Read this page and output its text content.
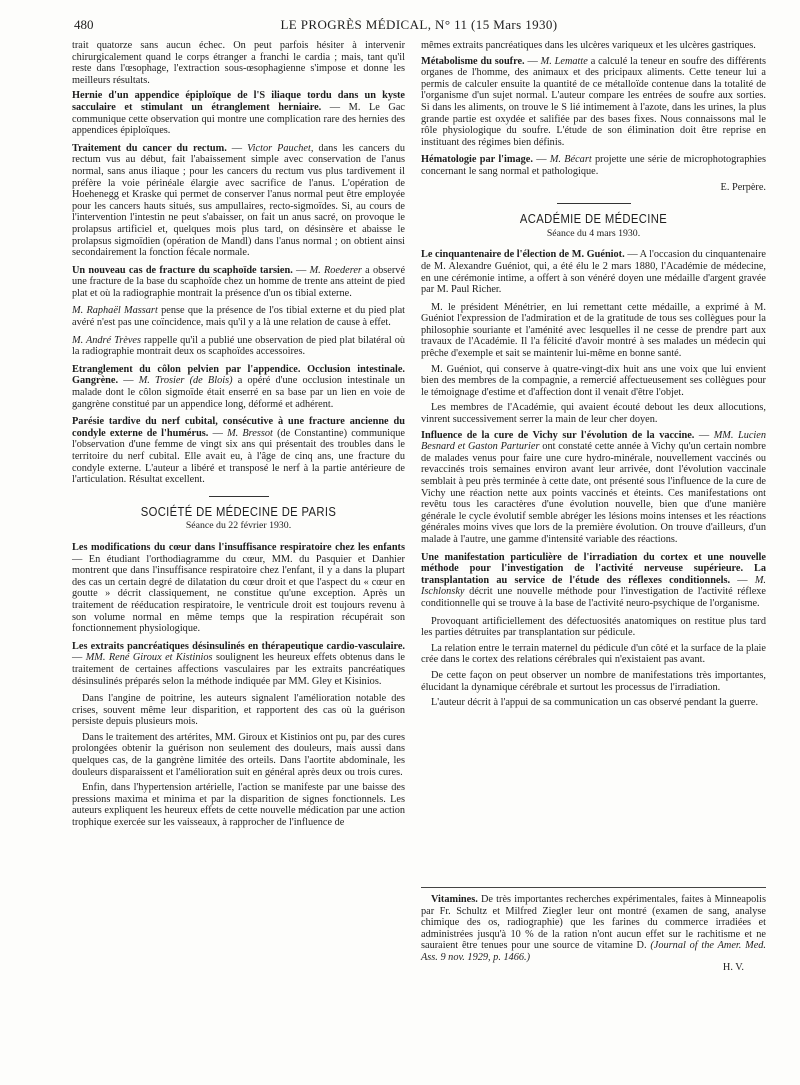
480	LE PROGRÈS MÉDICAL, N° 11 (15 Mars 1930)

trait quatorze sans aucun échec. On peut parfois hésiter à intervenir chirurgicalement quand le corps étranger a franchi le cardia ; mais, tant qu'il reste dans l'œsophage, l'extraction sous-œsophagienne s'impose et donne les meilleurs résultats.

Hernie d'un appendice épiploïque de l'S iliaque tordu dans un kyste sacculaire et stimulant un étranglement herniaire. — M. Le Gac communique cette observation qui montre une complication rare des hernies des appendices épiploïques.
Traitement du cancer du rectum. — Victor Pauchet, dans les cancers du rectum vus au début, fait l'abaissement simple avec conservation de l'anus normal, sans anus iliaque ; pour les cancers du rectum vus plus tardivement il préfère la voie périnéale élargie avec sacrifice de l'anus. L'opération de Hoehenegg et Kraske qui permet de conserver l'anus normal peut être employée pour les cancers hauts situés, sus ampullaires, recto-sigmoïdes. Si, au cours de l'intervention l'intestin ne peut s'abaisser, on fait un anus sacré, on provoque le prolapsus artificiel et, quelques mois plus tard, on désinsère et abaisse le prolapsus sigmoïdien (opération de Mandl) dans l'anus normal ; on obtient ainsi secondairement la fonction fécale normale.
Un nouveau cas de fracture du scaphoïde tarsien. — M. Roederer a observé une fracture de la base du scaphoïde chez un homme de trente ans atteint de pied plat et où la radiographie montrait la présence d'un os tibial externe.
M. Raphaël Massart pense que la présence de l'os tibial externe et du pied plat avéré n'est pas une coïncidence, mais qu'il y a là une relation de cause à effet.
M. André Trèves rappelle qu'il a publié une observation de pied plat bilatéral où la radiographie montrait deux os scaphoïdes accessoires.
Etranglement du côlon pelvien par l'appendice. Occlusion intestinale. Gangrène. — M. Trosier (de Blois) a opéré d'une occlusion intestinale un malade dont le côlon sigmoïde était enserré en sa base par un lien en voie de gangrène constitué par un appendice long, déformé et adhérent.
Parésie tardive du nerf cubital, consécutive à une fracture ancienne du condyle externe de l'humérus. — M. Bressot (de Constantine) communique l'observation d'une femme de vingt six ans qui présentait des troubles dans le territoire du nerf cubital. Elle avait eu, à l'âge de cinq ans, une fracture du condyle externe. L'auteur a libéré et transposé le nerf à la partie antérieure de l'articulation. Résultat excellent.
SOCIÉTÉ DE MÉDECINE DE PARIS
Séance du 22 février 1930.
Les modifications du cœur dans l'insuffisance respiratoire chez les enfants — En étudiant l'orthodiagramme du cœur, MM. du Pasquier et Danhier montrent que dans l'insuffisance respiratoire chez l'enfant, il y a dans la plupart des cas un certain degré de dilatation du cœur droit et que l'aspect du « cœur en goutte » décrit classiquement, ne constitue qu'une exception. Après un traitement de rééducation respiratoire, le ventricule droit est toujours revenu à son volume normal en même temps que la respiration récupérait son fonctionnement physiologique.
Les extraits pancréatiques désinsulinés en thérapeutique cardio-vasculaire. — MM. René Giroux et Kistinios soulignent les heureux effets obtenus dans le traitement de certaines affections vasculaires par les extraits pancréatiques désinsulinés préparés selon la méthode indiquée par MM. Gley et Kisinios.

Dans l'angine de poitrine, les auteurs signalent l'amélioration notable des crises, souvent même leur disparition, et rapportent des cas où la guérison persiste depuis plusieurs mois.

Dans le traitement des artérites, MM. Giroux et Kistinios ont pu, par des cures prolongées obtenir la guérison non seulement des douleurs, mais aussi dans quelques cas, de la gangrène limitée des orteils. Dans l'aortite abdominale, les douleurs disparaissent et l'amélioration suit en général après deux ou trois cures.

Enfin, dans l'hypertension artérielle, l'action se manifeste par une baisse des pressions maxima et minima et par la disparition de signes fonctionnels. Les auteurs expliquent les heureux effets de cette nouvelle médication par une action trophique exercée sur les vaisseaux, à rapprocher de l'influence de

mêmes extraits pancréatiques dans les ulcères variqueux et les ulcères gastriques.

Métabolisme du soufre. — M. Lematte a calculé la teneur en soufre des différents organes de l'homme, des animaux et des pricipaux aliments. Cette teneur lui a permis de calculer ensuite la quantité de ce métalloïde contenue dans la totalité de l'organisme d'un sujet normal. L'auteur compare les entrées de soufre aux sorties. Si dans les aliments, on trouve le S lié intimement à l'azote, dans les urines, la plus grande partie est oxydée et salifiée par des bases fixes. Nous connaissons mal le rôle physiologique du soufre. L'étude de son élimination doit être reprise en instituant des régimes bien définis.
Hématologie par l'image. — M. Bécart projette une série de microphotographies concernant le sang normal et pathologique.
E. Perpère.
ACADÉMIE DE MÉDECINE
Séance du 4 mars 1930.
Le cinquantenaire de l'élection de M. Guéniot. — A l'occasion du cinquantenaire de M. Alexandre Guéniot, qui, a été élu le 2 mars 1880, l'Académie de médecine, en une cérémonie intime, a offert à son vénéré doyen une médaille d'argent gravée par M. Paul Richer.

M. le président Ménétrier, en lui remettant cette médaille, a exprimé à M. Guéniot l'expression de l'admiration et de la gratitude de tous ses collègues pour la philosophie souriante et l'aménité avec lesquelles il ne cesse de prendre part aux travaux de l'Académie. Il l'a félicité d'avoir montré à ses malades un médecin qui prêche d'exemple et sait se maintenir lui-même en bonne santé.

M. Guéniot, qui conserve à quatre-vingt-dix huit ans une voix que lui envient bien des membres de la compagnie, a remercié affectueusement ses collègues pour le témoignage d'estime et d'affection dont il venait d'être l'objet.

Les membres de l'Académie, qui avaient écouté debout les deux allocutions, vinrent successivement serrer la main de leur cher doyen.

Influence de la cure de Vichy sur l'évolution de la vaccine. — MM. Lucien Besnard et Gaston Parturier ont constaté cette année à Vichy qu'un certain nombre de malades venus pour faire une cure hydro-minérale, nouvellement vaccinés ou revaccinés trois semaines environ avant leur arrivée, dont l'évolution vaccinale semblait à peu près terminée à cette date, ont présenté sous l'influence de la cure de Vichy une réaction nette aux points vaccinés et éteints. Ces manifestations ont revêtu tous les caractères d'une évolution nouvelle, bien que d'une manière générale le cycle évolutif semble abréger les lésions moins intenses et les réactions générales moins vives que lors de la première évolution. On trouve d'ailleurs, d'un malade à l'autre, une gamme d'intensité variable des réactions.
Une manifestation particulière de l'irradiation du cortex et une nouvelle méthode pour l'investigation de l'activité nerveuse supérieure. La transplantation au service de l'étude des réflexes conditionnels. — M. Ischlonsky décrit une nouvelle méthode pour l'investigation de l'activité réflexe conditionnelle qui se trouve à la base de l'activité neuro-psychique de l'organisme.

Provoquant artificiellement des défectuosités anatomiques on restitue plus tard les parties détruites par transplantation sur pédicule.

La relation entre le terrain maternel du pédicule d'un côté et la surface de la plaie crée dans le cortex des relations cérébrales qui n'existaient pas avant.

De cette façon on peut observer un nombre de manifestations très importantes, élucidant la dynamique cérébrale et surtout les processus de l'irradiation.

L'auteur décrit à l'appui de sa communication un cas observé pendant la guerre.

Vitamines. De très importantes recherches expérimentales, faites à Minneapolis par Fr. Schultz et Milfred Ziegler leur ont montré (examen de sang, analyse chimique des os, radiographie) que les farines du commerce irradiées et administrées jusqu'à 10 % de la ration n'ont aucun effet sur le rachitisme et ne sauraient être tenues pour une source de vitamine D. (Journal of the Amer. Med. Ass. 9 nov. 1929, p. 1466.)
H. V.
